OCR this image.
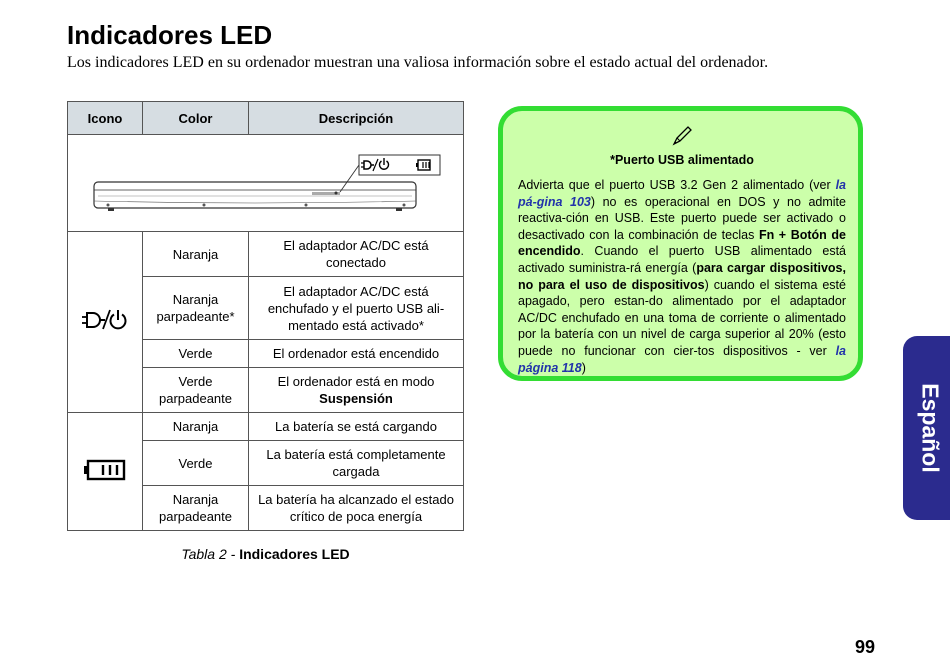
Indicadores LED

Los indicadores LED en su ordenador muestran una valiosa información sobre el estado actual del ordenador.

Icono	Color	Descripción

	Naranja	El adaptador AC/DC está conectado
	Naranja parpadeante*	El adaptador AC/DC está enchufado y el puerto USB ali-mentado está activado*
	Verde	El ordenador está encendido
	Verde parpadeante	El ordenador está en modo
Suspensión
	Naranja	La batería se está cargando
	Verde	La batería está completamente cargada
	Naranja parpadeante	La batería ha alcanzado el estado crítico de poca energía

Tabla 2 - Indicadores LED

*Puerto USB alimentado

Advierta que el puerto USB 3.2 Gen 2 alimentado (ver la pá-gina 103) no es operacional en DOS y no admite reactiva-ción en USB. Este puerto puede ser activado o desactivado con la combinación de teclas Fn + Botón de encendido. Cuando el puerto USB alimentado está activado suministra-rá energía (para cargar dispositivos, no para el uso de dispositivos) cuando el sistema esté apagado, pero estan-do alimentado por el adaptador AC/DC enchufado en una toma de corriente o alimentado por la batería con un nivel de carga superior al 20% (esto puede no funcionar con cier-tos dispositivos - ver la página 118)

Español
99
